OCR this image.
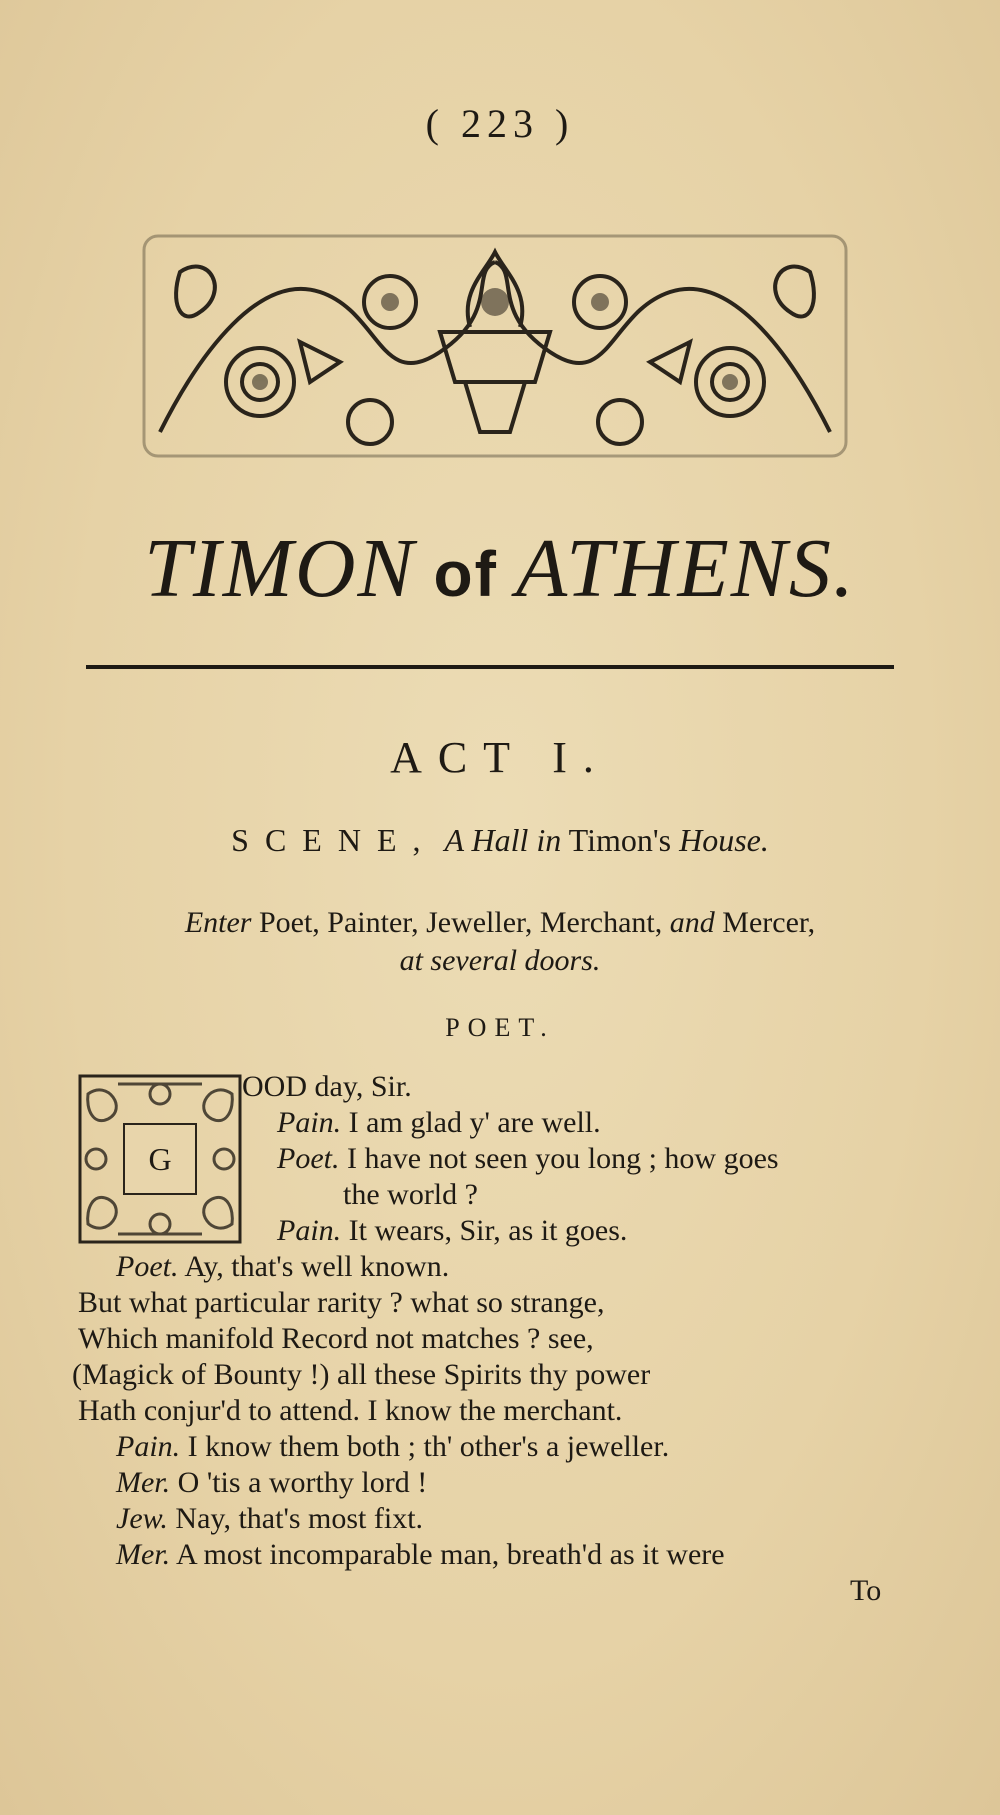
( 223 )
TIMON of ATHENS.
ACT I.
SCENE, A Hall in Timon's House.
Enter Poet, Painter, Jeweller, Merchant, and Mercer,
at several doors.
POET.
G
OOD day, Sir.
Pain. I am glad y' are well.
Poet. I have not seen you long ; how goes
the world ?
Pain. It wears, Sir, as it goes.
Poet. Ay, that's well known.
But what particular rarity ? what so strange,
Which manifold Record not matches ? see,
(Magick of Bounty !) all these Spirits thy power
Hath conjur'd to attend. I know the merchant.
Pain. I know them both ; th' other's a jeweller.
Mer. O 'tis a worthy lord !
Jew. Nay, that's most fixt.
Mer. A most incomparable man, breath'd as it were
To
